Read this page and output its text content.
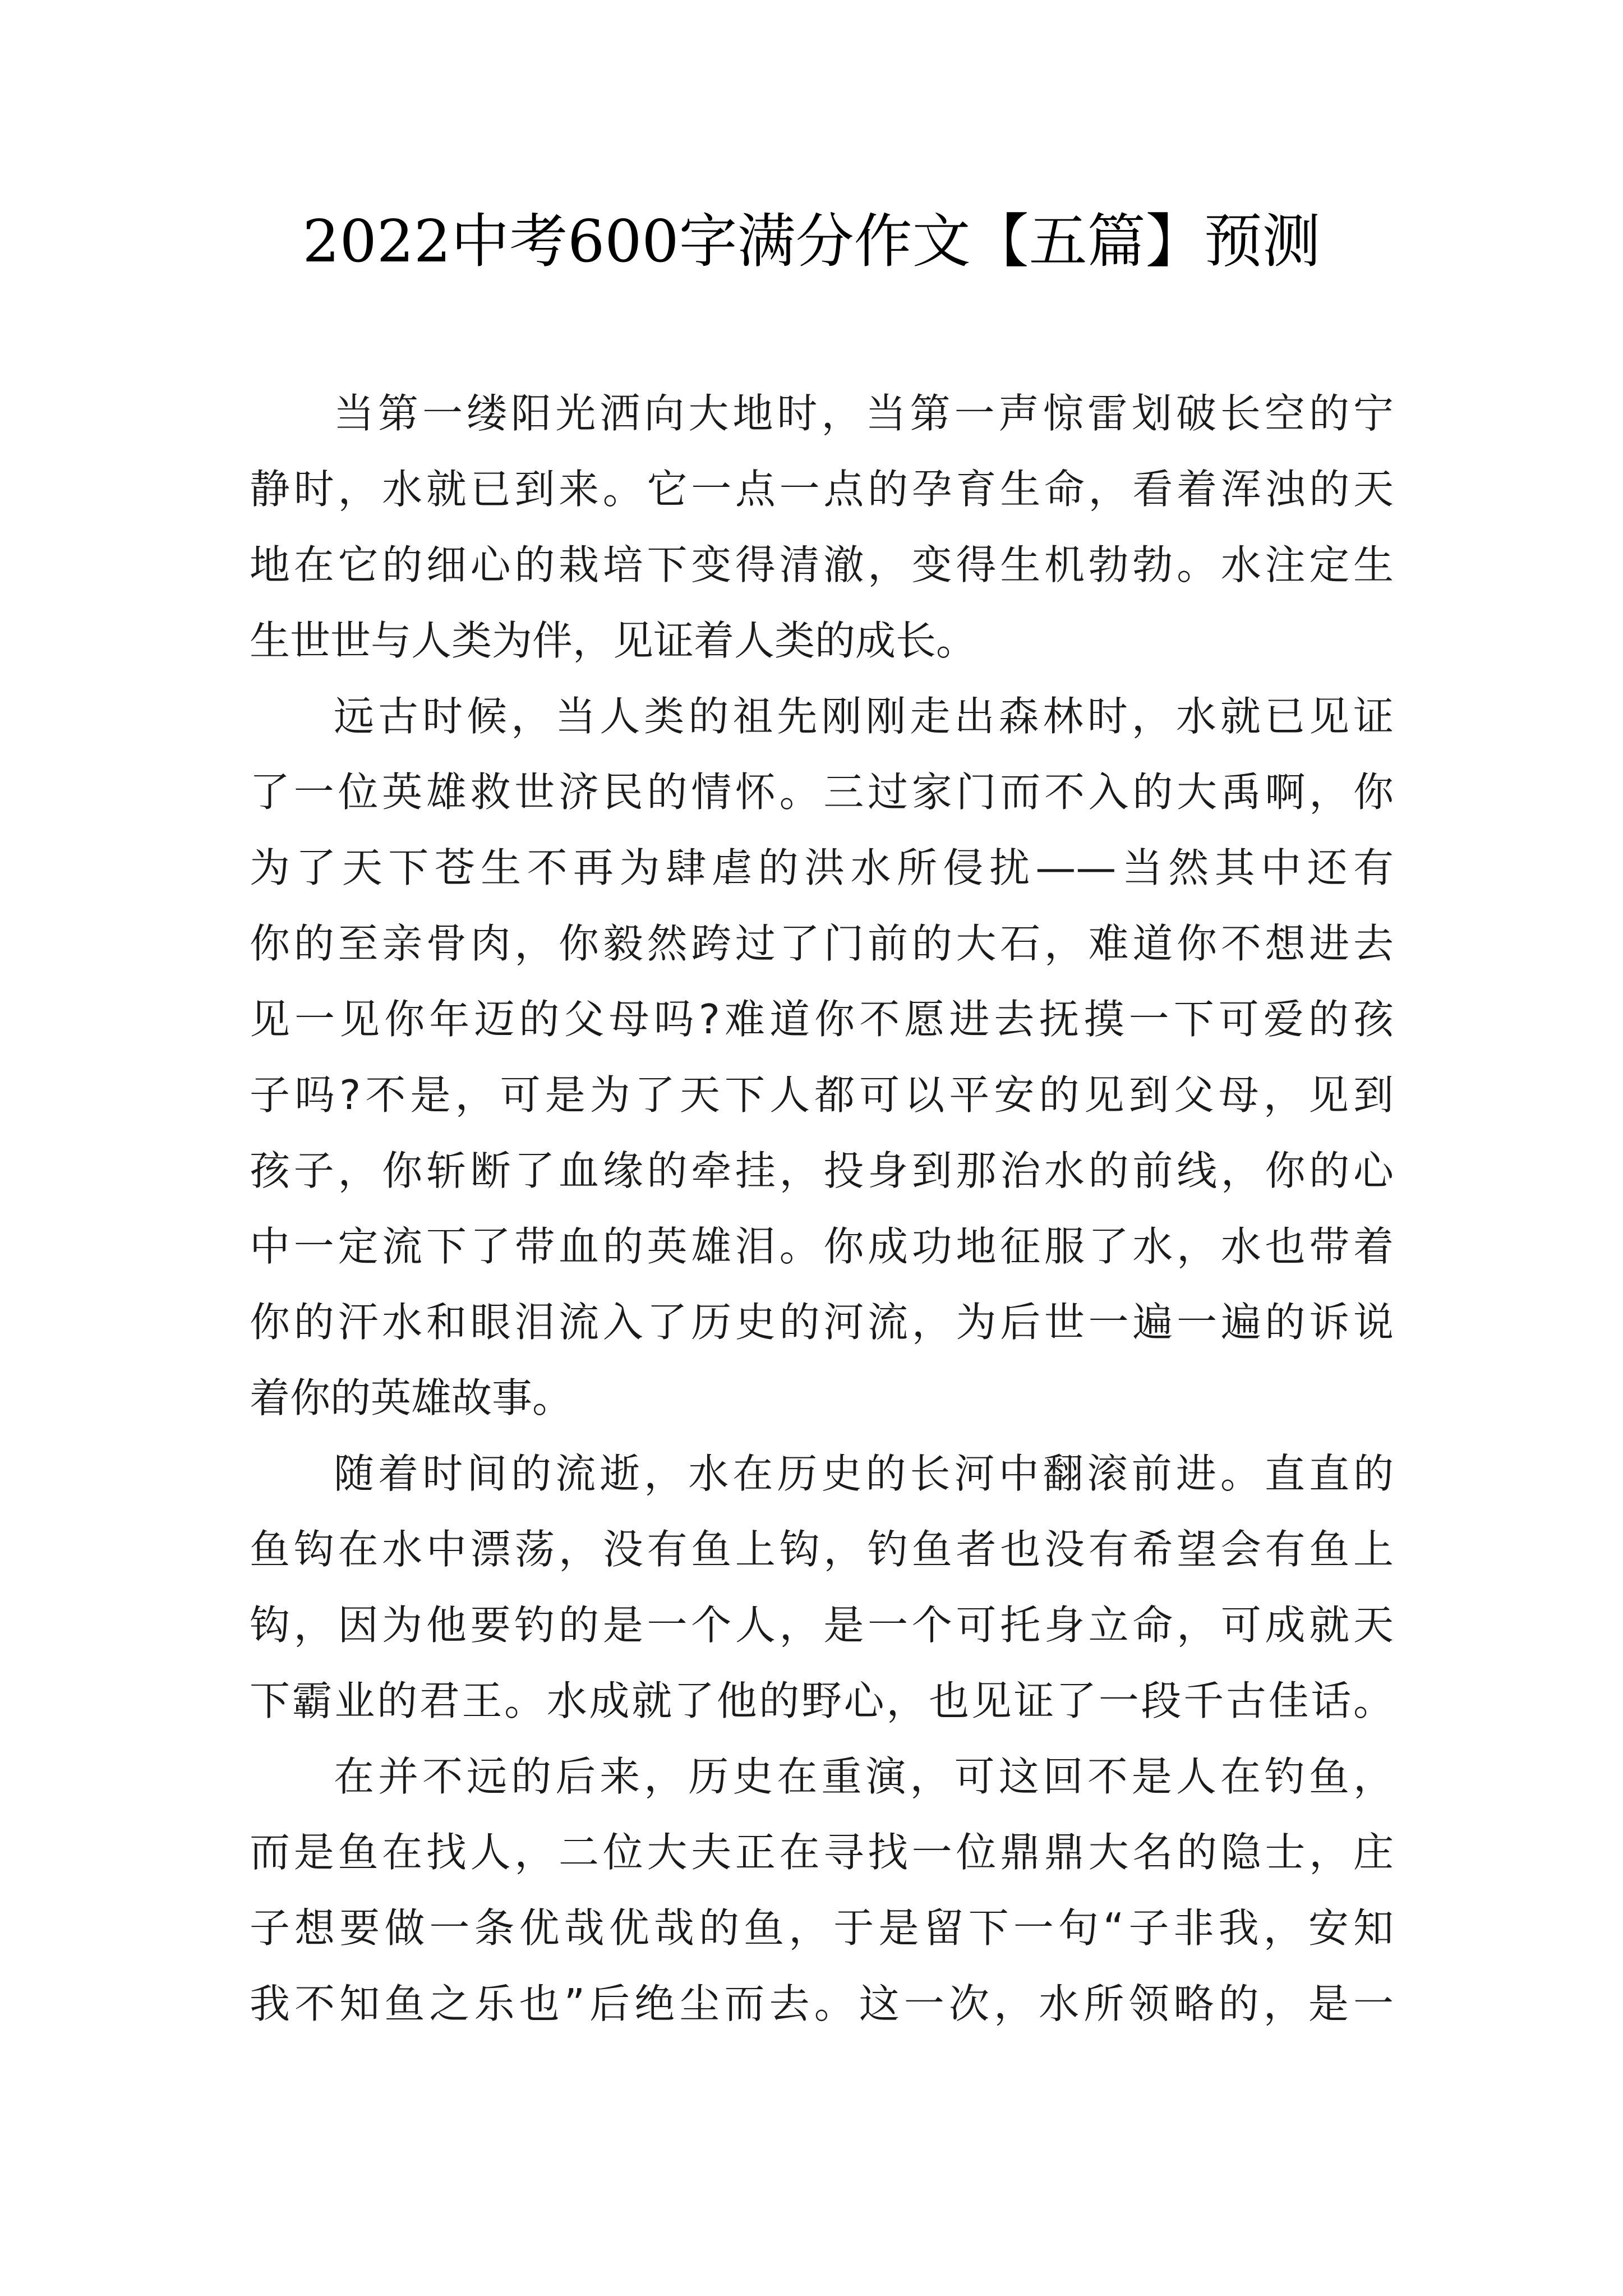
2022中考600字满分作文【五篇】预测
当第一缕阳光洒向大地时，当第一声惊雷划破长空的宁
静时，水就已到来。它一点一点的孕育生命，看着浑浊的天
地在它的细心的栽培下变得清澈，变得生机勃勃。水注定生
生世世与人类为伴，见证着人类的成长。
远古时候，当人类的祖先刚刚走出森林时，水就已见证
了一位英雄救世济民的情怀。三过家门而不入的大禹啊，你
为了天下苍生不再为肆虐的洪水所侵扰——当然其中还有
你的至亲骨肉，你毅然跨过了门前的大石，难道你不想进去
见一见你年迈的父母吗?难道你不愿进去抚摸一下可爱的孩
子吗?不是，可是为了天下人都可以平安的见到父母，见到
孩子，你斩断了血缘的牵挂，投身到那治水的前线，你的心
中一定流下了带血的英雄泪。你成功地征服了水，水也带着
你的汗水和眼泪流入了历史的河流，为后世一遍一遍的诉说
着你的英雄故事。
随着时间的流逝，水在历史的长河中翻滚前进。直直的
鱼钩在水中漂荡，没有鱼上钩，钓鱼者也没有希望会有鱼上
钩，因为他要钓的是一个人，是一个可托身立命，可成就天
下霸业的君王。水成就了他的野心，也见证了一段千古佳话。
在并不远的后来，历史在重演，可这回不是人在钓鱼，
而是鱼在找人，二位大夫正在寻找一位鼎鼎大名的隐士，庄
子想要做一条优哉优哉的鱼，于是留下一句“子非我，安知
我不知鱼之乐也”后绝尘而去。这一次，水所领略的，是一
